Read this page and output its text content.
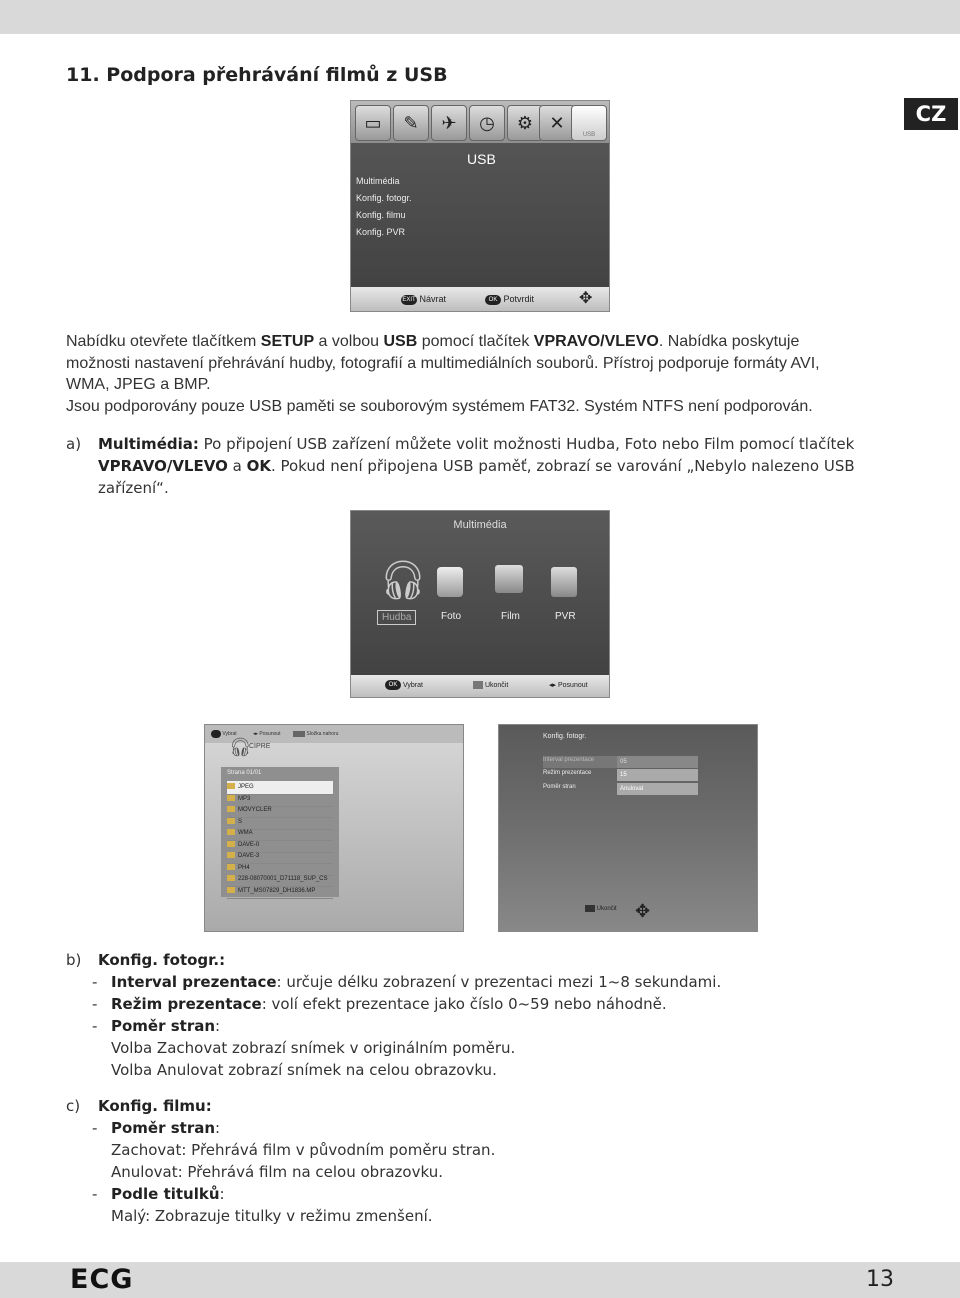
11. Podpora přehrávání filmů z USB
CZ
▭	✎	✈	◷	⚙ ✕
USB
USB
Multimédia
Konfig. fotogr.
Konfig. filmu
Konfig. PVR
EXIT Návrat	OK Potvrdit	✥
Nabídku otevřete tlačítkem SETUP a volbou USB pomocí tlačítek VPRAVO/VLEVO. Nabídka poskytuje
možnosti nastavení přehrávání hudby, fotografií a multimediálních souborů. Přístroj podporuje formáty AVI,
WMA, JPEG a BMP.
Jsou podporovány pouze USB paměti se souborovým systémem FAT32. Systém NTFS není podporován.
a) Multimédia: Po připojení USB zařízení můžete volit možnosti Hudba, Foto nebo Film pomocí tlačítek
VPRAVO/VLEVO a OK. Pokud není připojena USB paměť, zobrazí se varování „Nebylo nalezeno USB
zařízení“.
Multimédia
🎧︎
Hudba	Foto	Film	PVR
OK Vybrat	Ukončit	◂▸ Posunout
🎧︎
CIPRE
Strana 01/01
JPEG
MP3
MOVYCLER
S
WMA
DAVE-0
DAVE-3
PH4
228-08070001_D71118_SUP_CS
MTT_MS07829_DH1836.MP
Vybrat	◂▸ Posunout	Složka nahoru	Konfig. fotogr.
Interval prezentace	05
Režim prezentace	15
Poměr stran	Anulovat
Ukončit ✥
b) Konfig. fotogr.:
- Interval prezentace: určuje délku zobrazení v prezentaci mezi 1~8 sekundami.
- Režim prezentace: volí efekt prezentace jako číslo 0~59 nebo náhodně.
- Poměr stran:
Volba Zachovat zobrazí snímek v originálním poměru.
Volba Anulovat zobrazí snímek na celou obrazovku.
c) Konfig. filmu:
- Poměr stran:
Zachovat: Přehrává film v původním poměru stran.
Anulovat: Přehrává film na celou obrazovku.
- Podle titulků:
Malý: Zobrazuje titulky v režimu zmenšení.
ECG	13
